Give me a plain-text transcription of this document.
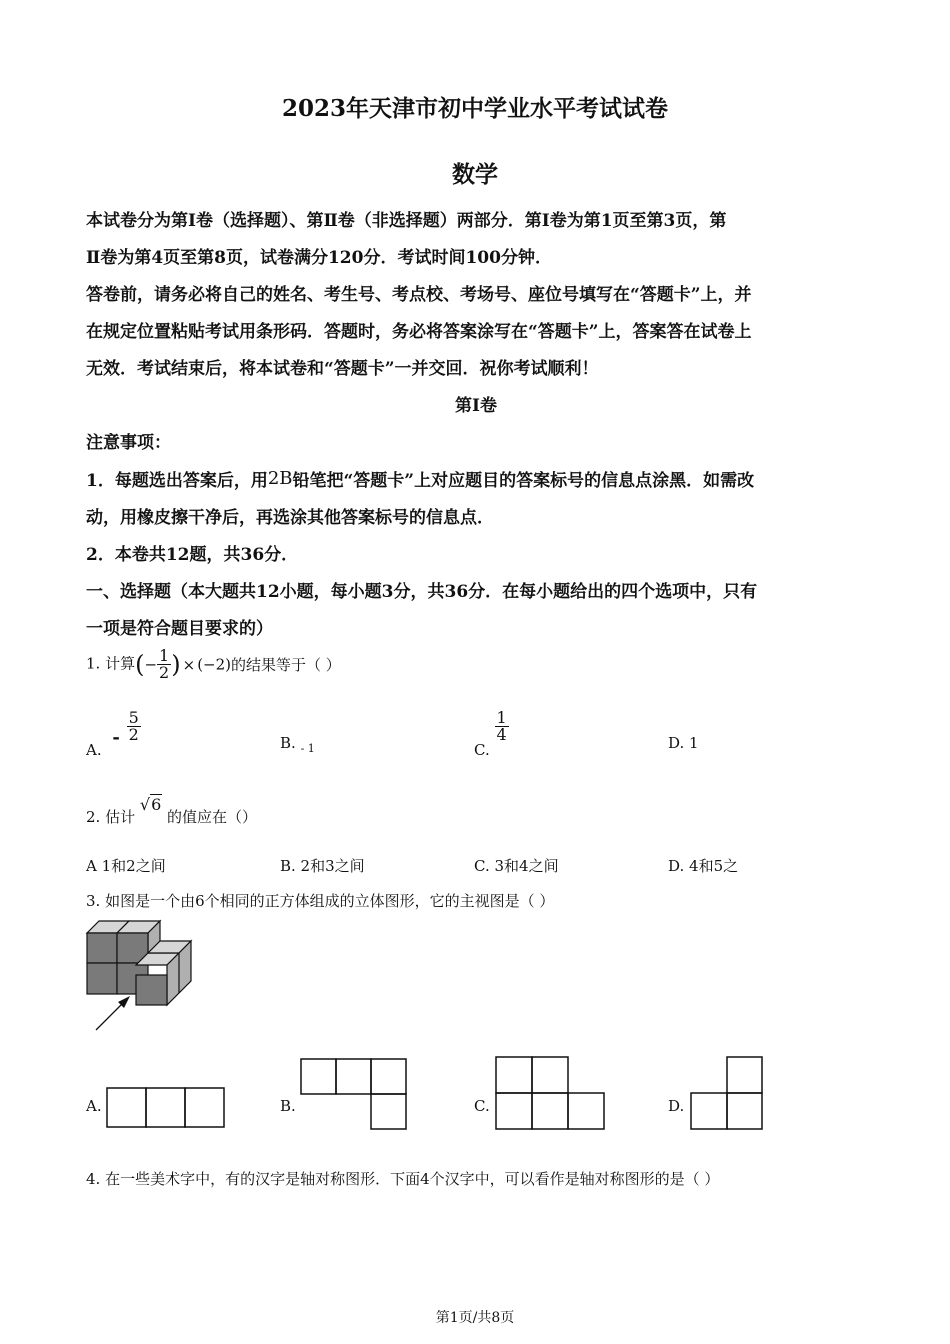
2023年天津市初中学业水平考试试卷
数学

本试卷分为第Ⅰ卷（选择题）、第Ⅱ卷（非选择题）两部分．第Ⅰ卷为第1页至第3页，第

Ⅱ卷为第4页至第8页，试卷满分120分．考试时间100分钟．

答卷前，请务必将自己的姓名、考生号、考点校、考场号、座位号填写在“答题卡”上，并

在规定位置粘贴考试用条形码．答题时，务必将答案涂写在“答题卡”上，答案答在试卷上

无效．考试结束后，将本试卷和“答题卡”一并交回．祝你考试顺利！

第Ⅰ卷

注意事项：

1．每题选出答案后，用2B铅笔把“答题卡”上对应题目的答案标号的信息点涂黑．如需改

动，用橡皮擦干净后，再选涂其他答案标号的信息点．

2．本卷共12题，共36分．

一、选择题（本大题共12小题，每小题3分，共36分．在每小题给出的四个选项中，只有

一项是符合题目要求的）

1. 计算(− $\frac{1}{2}$ ) × (−2)的结果等于（ ）
A. - $\frac{5}{2}$	B. $_{- 1}$	C.
$\frac{1}{4}$	D. 1
2. 估计 √6 的值应在（）
A 1和2之间	B. 2和3之间	C. 3和4之间	D. 4和5之
3. 如图是一个由6个相同的正方体组成的立体图形，它的主视图是（ ）
A.	B.	C.	D.
4. 在一些美术字中，有的汉字是轴对称图形．下面4个汉字中，可以看作是轴对称图形的是（ ）
第1页/共8页
